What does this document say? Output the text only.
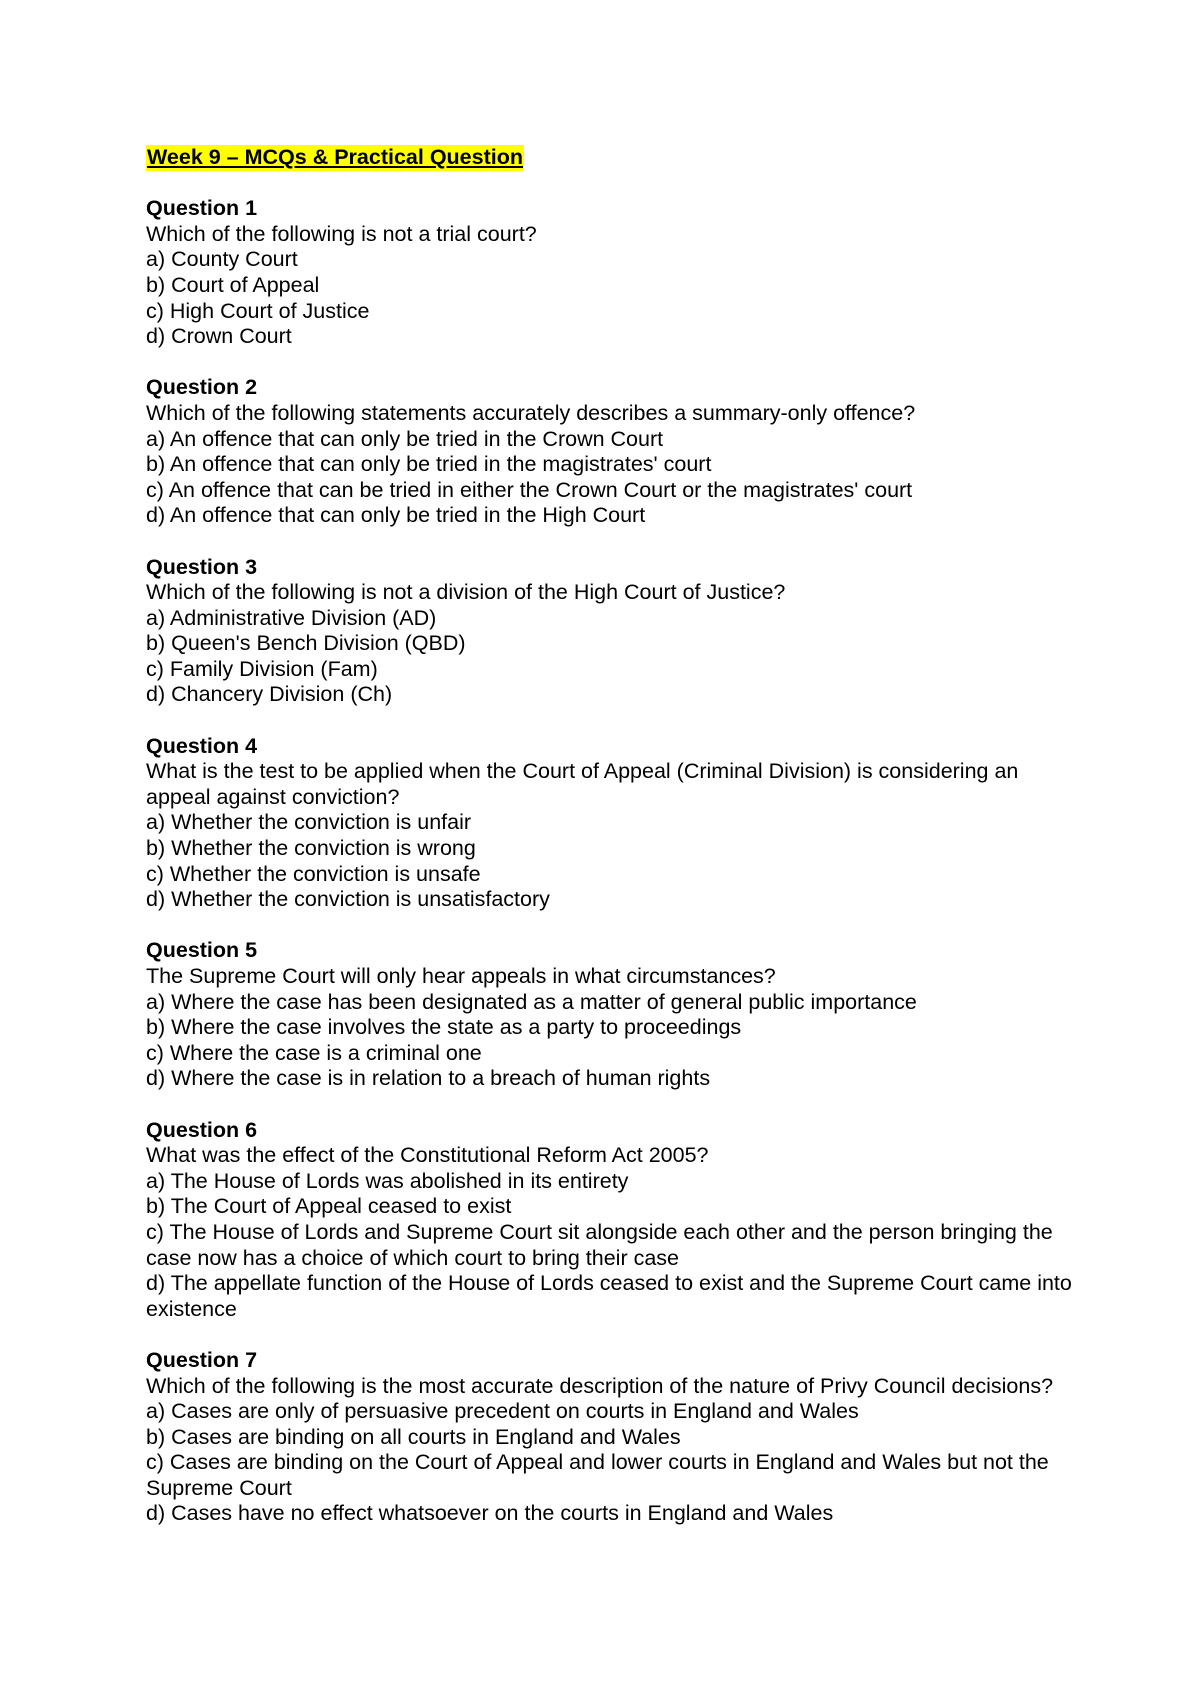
Week 9 – MCQs & Practical Question

Question 1

Which of the following is not a trial court?

a) County Court

b) Court of Appeal

c) High Court of Justice

d) Crown Court

Question 2

Which of the following statements accurately describes a summary-only offence?

a) An offence that can only be tried in the Crown Court

b) An offence that can only be tried in the magistrates' court

c) An offence that can be tried in either the Crown Court or the magistrates' court

d) An offence that can only be tried in the High Court

Question 3

Which of the following is not a division of the High Court of Justice?

a) Administrative Division (AD)

b) Queen's Bench Division (QBD)

c) Family Division (Fam)

d) Chancery Division (Ch)

Question 4

What is the test to be applied when the Court of Appeal (Criminal Division) is considering an appeal against conviction?

a) Whether the conviction is unfair

b) Whether the conviction is wrong

c) Whether the conviction is unsafe

d) Whether the conviction is unsatisfactory

Question 5

The Supreme Court will only hear appeals in what circumstances?

a) Where the case has been designated as a matter of general public importance

b) Where the case involves the state as a party to proceedings

c) Where the case is a criminal one

d) Where the case is in relation to a breach of human rights

Question 6

What was the effect of the Constitutional Reform Act 2005?

a) The House of Lords was abolished in its entirety

b) The Court of Appeal ceased to exist

c) The House of Lords and Supreme Court sit alongside each other and the person bringing the case now has a choice of which court to bring their case

d) The appellate function of the House of Lords ceased to exist and the Supreme Court came into existence

Question 7

Which of the following is the most accurate description of the nature of Privy Council decisions?

a) Cases are only of persuasive precedent on courts in England and Wales

b) Cases are binding on all courts in England and Wales

c) Cases are binding on the Court of Appeal and lower courts in England and Wales but not the Supreme Court

d) Cases have no effect whatsoever on the courts in England and Wales
